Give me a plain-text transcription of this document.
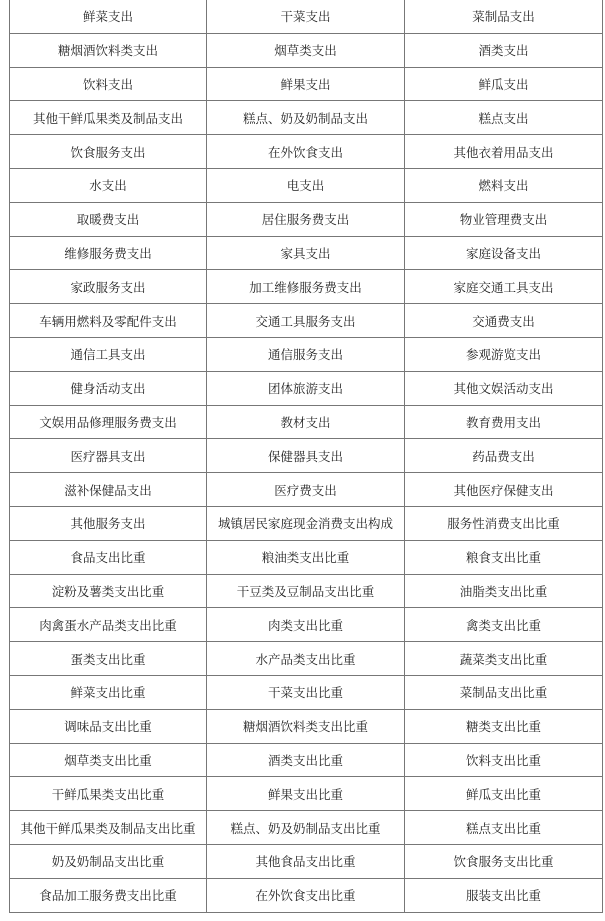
鲜菜支出	干菜支出	菜制品支出
糖烟酒饮料类支出	烟草类支出	酒类支出
饮料支出	鲜果支出	鲜瓜支出
其他干鲜瓜果类及制品支出	糕点、奶及奶制品支出	糕点支出
饮食服务支出	在外饮食支出	其他衣着用品支出
水支出	电支出	燃料支出
取暖费支出	居住服务费支出	物业管理费支出
维修服务费支出	家具支出	家庭设备支出
家政服务支出	加工维修服务费支出	家庭交通工具支出
车辆用燃料及零配件支出	交通工具服务支出	交通费支出
通信工具支出	通信服务支出	参观游览支出
健身活动支出	团体旅游支出	其他文娱活动支出
文娱用品修理服务费支出	教材支出	教育费用支出
医疗器具支出	保健器具支出	药品费支出
滋补保健品支出	医疗费支出	其他医疗保健支出
其他服务支出	城镇居民家庭现金消费支出构成	服务性消费支出比重
食品支出比重	粮油类支出比重	粮食支出比重
淀粉及薯类支出比重	干豆类及豆制品支出比重	油脂类支出比重
肉禽蛋水产品类支出比重	肉类支出比重	禽类支出比重
蛋类支出比重	水产品类支出比重	蔬菜类支出比重
鲜菜支出比重	干菜支出比重	菜制品支出比重
调味品支出比重	糖烟酒饮料类支出比重	糖类支出比重
烟草类支出比重	酒类支出比重	饮料支出比重
干鲜瓜果类支出比重	鲜果支出比重	鲜瓜支出比重
其他干鲜瓜果类及制品支出比重	糕点、奶及奶制品支出比重	糕点支出比重
奶及奶制品支出比重	其他食品支出比重	饮食服务支出比重
食品加工服务费支出比重	在外饮食支出比重	服装支出比重
